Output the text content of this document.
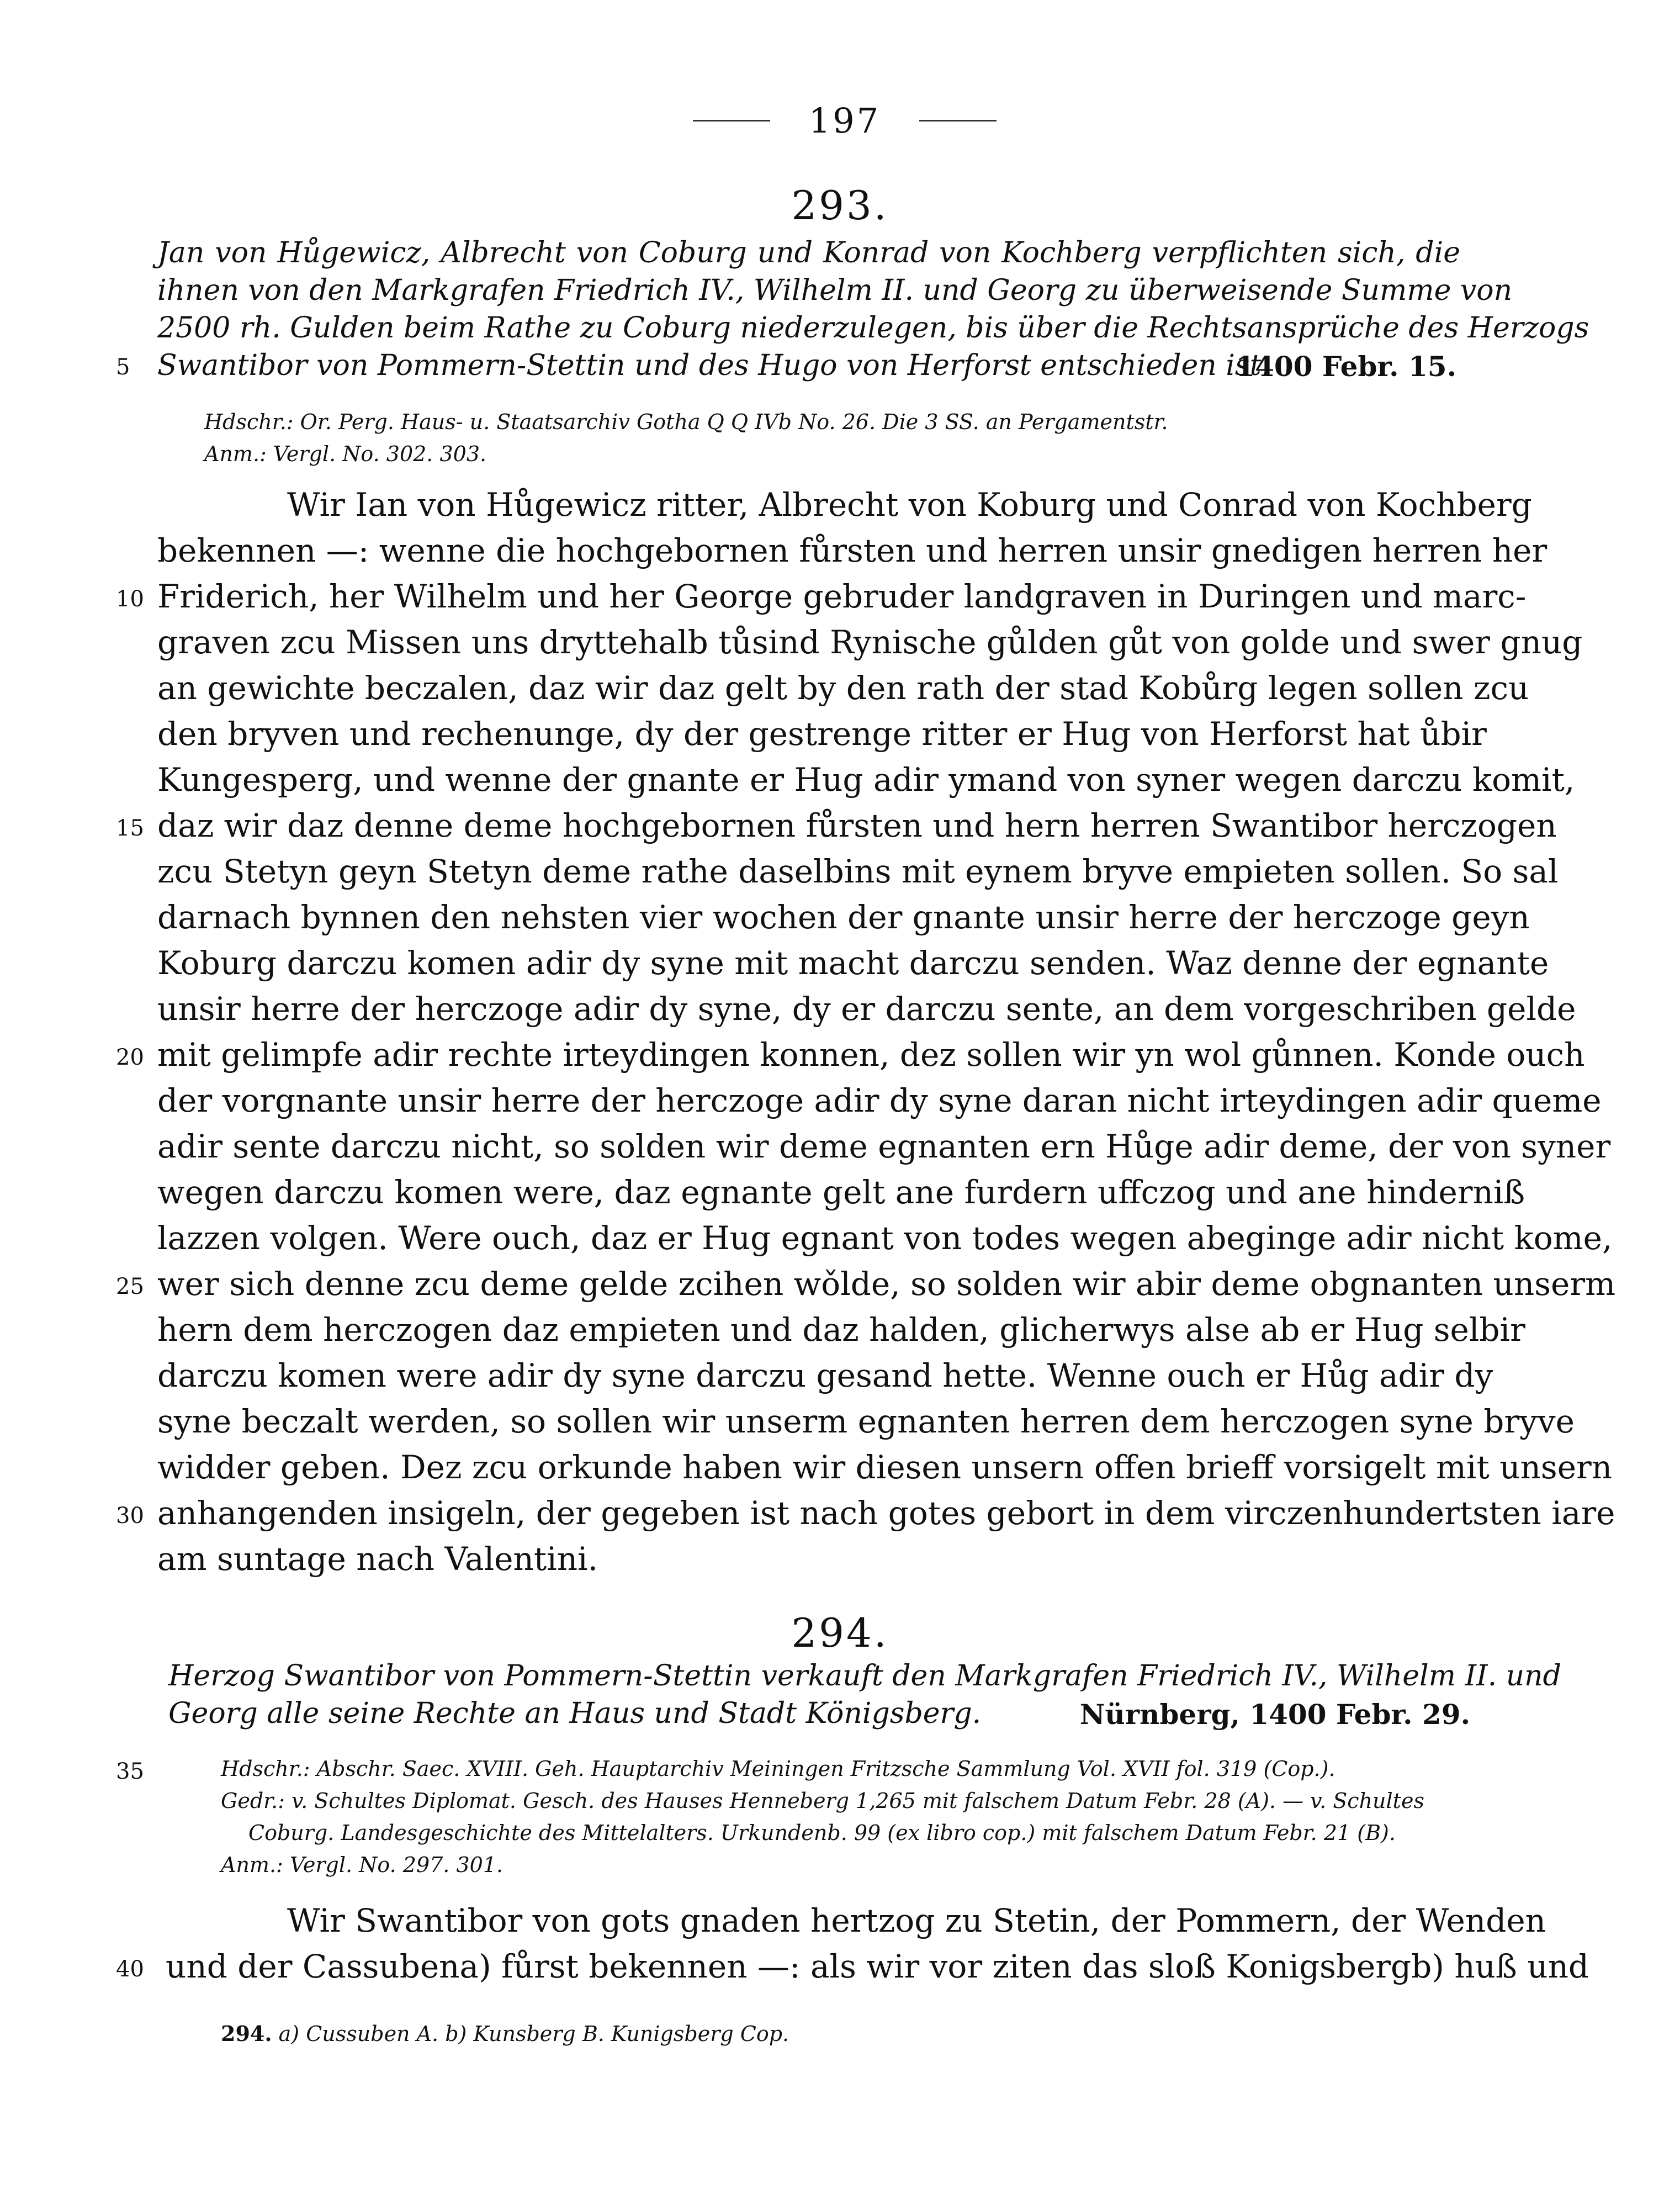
197
293.
Jan von Hůgewicz, Albrecht von Coburg und Konrad von Kochberg verpflichten sich, die
ihnen von den Markgrafen Friedrich IV., Wilhelm II. und Georg zu überweisende Summe von
2500 rh. Gulden beim Rathe zu Coburg niederzulegen, bis über die Rechtsansprüche des Herzogs
5 Swantibor von Pommern-Stettin und des Hugo von Herforst entschieden ist.
1400 Febr. 15.
Hdschr.: Or. Perg. Haus- u. Staatsarchiv Gotha Q Q IVb No. 26. Die 3 SS. an Pergamentstr.
Anm.: Vergl. No. 302. 303.
Wir Ian von Hůgewicz ritter, Albrecht von Koburg und Conrad von Kochberg
bekennen —: wenne die hochgebornen fůrsten und herren unsir gnedigen herren her
10 Friderich, her Wilhelm und her George gebruder landgraven in Duringen und marc-
graven zcu Missen uns dryttehalb tůsind Rynische gůlden gůt von golde und swer gnug
an gewichte beczalen, daz wir daz gelt by den rath der stad Kobůrg legen sollen zcu
den bryven und rechenunge, dy der gestrenge ritter er Hug von Herforst hat ůbir
Kungesperg, und wenne der gnante er Hug adir ymand von syner wegen darczu komit,
15 daz wir daz denne deme hochgebornen fůrsten und hern herren Swantibor herczogen
zcu Stetyn geyn Stetyn deme rathe daselbins mit eynem bryve empieten sollen. So sal
darnach bynnen den nehsten vier wochen der gnante unsir herre der herczoge geyn
Koburg darczu komen adir dy syne mit macht darczu senden. Waz denne der egnante
unsir herre der herczoge adir dy syne, dy er darczu sente, an dem vorgeschriben gelde
20 mit gelimpfe adir rechte irteydingen konnen, dez sollen wir yn wol gůnnen. Konde ouch
der vorgnante unsir herre der herczoge adir dy syne daran nicht irteydingen adir queme
adir sente darczu nicht, so solden wir deme egnanten ern Hůge adir deme, der von syner
wegen darczu komen were, daz egnante gelt ane furdern uffczog und ane hinderniß
lazzen volgen. Were ouch, daz er Hug egnant von todes wegen abeginge adir nicht kome,
25 wer sich denne zcu deme gelde zcihen wǒlde, so solden wir abir deme obgnanten unserm
hern dem herczogen daz empieten und daz halden, glicherwys alse ab er Hug selbir
darczu komen were adir dy syne darczu gesand hette. Wenne ouch er Hůg adir dy
syne beczalt werden, so sollen wir unserm egnanten herren dem herczogen syne bryve
widder geben. Dez zcu orkunde haben wir diesen unsern offen brieff vorsigelt mit unsern
30 anhangenden insigeln, der gegeben ist nach gotes gebort in dem virczenhundertsten iare
am suntage nach Valentini.
294.
Herzog Swantibor von Pommern-Stettin verkauft den Markgrafen Friedrich IV., Wilhelm II. und
Georg alle seine Rechte an Haus und Stadt Königsberg.	Nürnberg, 1400 Febr. 29.
35	Hdschr.: Abschr. Saec. XVIII. Geh. Hauptarchiv Meiningen Fritzsche Sammlung Vol. XVII fol. 319 (Cop.).
Gedr.: v. Schultes Diplomat. Gesch. des Hauses Henneberg 1,265 mit falschem Datum Febr. 28 (A). — v. Schultes
Coburg. Landesgeschichte des Mittelalters. Urkundenb. 99 (ex libro cop.) mit falschem Datum Febr. 21 (B).
Anm.: Vergl. No. 297. 301.
Wir Swantibor von gots gnaden hertzog zu Stetin, der Pommern, der Wenden
40 und der Cassubena) fůrst bekennen —: als wir vor ziten das sloß Konigsbergb) huß und
294. a) Cussuben A. b) Kunsberg B. Kunigsberg Cop.
